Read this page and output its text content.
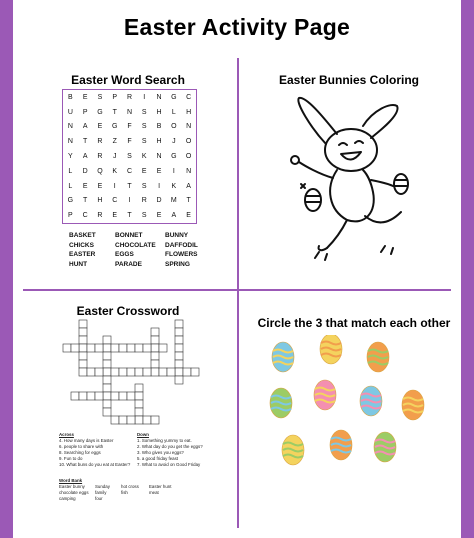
Easter Activity Page
Easter Word Search
B	E	S	P	R	I	N	G	C
U	P	G	T	N	S	H	L	H
N	A	E	G	F	S	B	O	N
N	T	R	Z	F	S	H	J	O
Y	A	R	J	S	K	N	G	O
L	D	Q	K	C	E	E	I	N
L	E	E	I	T	S	I	K	A
G	T	H	C	I	R	D	M	T
P	C	R	E	T	S	E	A	E
BASKET	BONNET	BUNNY
CHICKS	CHOCOLATE	DAFFODIL
EASTER	EGGS	FLOWERS
HUNT	PARADE	SPRING
Easter Bunnies Coloring
Easter Crossword
Across
4. How many days is Easter
6. people to share with
8. Searching for eggs
9. Fun to do
10. What buns do you eat at Easter?
Down
1. Something yummy to eat.
2. What day do you get the eggs?
3. Who gives you eggs?
5. a good friday feast
7. What to avoid on Good Friday
Word Bank
Easter bunny	Sunday	hot cross	Easter hunt
chocolate eggs	family	fish	meat
camping	four
Circle the 3 that match each other
